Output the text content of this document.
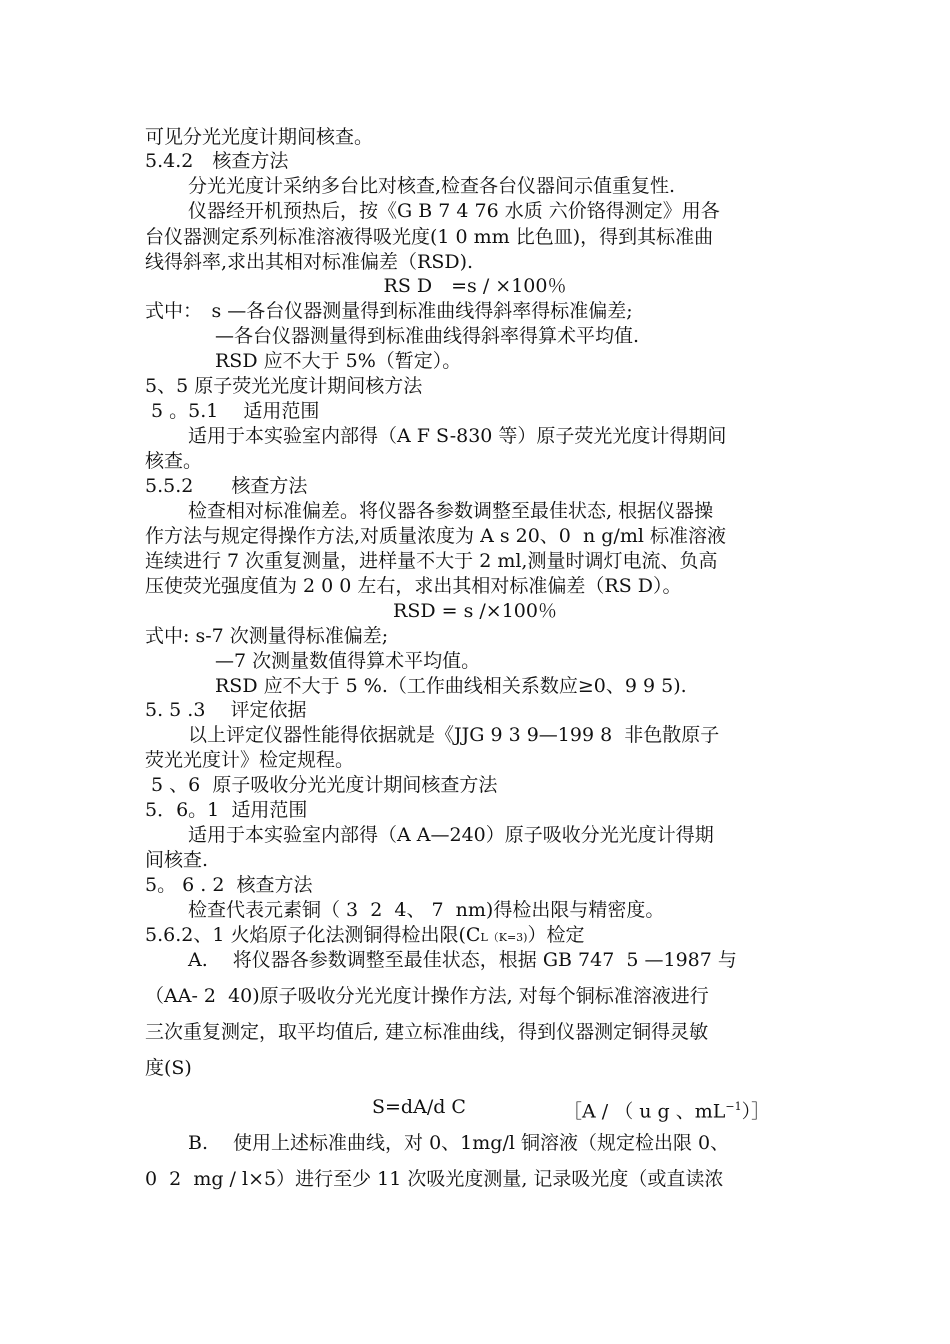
可见分光光度计期间核查。
5.4.2　核查方法
分光光度计采纳多台比对核查,检查各台仪器间示值重复性.
仪器经开机预热后，按《G B 7 4 76 水质 六价铬得测定》用各
台仪器测定系列标准溶液得吸光度(1 0 mm 比色皿)，得到其标准曲
线得斜率,求出其相对标准偏差（RSD).
RS D　=s / ×100％
式中：　s —各台仪器测量得到标准曲线得斜率得标准偏差;
—各台仪器测量得到标准曲线得斜率得算术平均值.
RSD 应不大于 5%（暂定）。
5、5 原子荧光光度计期间核方法
5 。5.1　 适用范围
适用于本实验室内部得（A F S-830 等）原子荧光光度计得期间
核查。
5.5.2　　核查方法
检查相对标准偏差。将仪器各参数调整至最佳状态, 根据仪器操
作方法与规定得操作方法,对质量浓度为 A s 20、0  n g/ml 标准溶液
连续进行 7 次重复测量，进样量不大于 2 ml,测量时调灯电流、负高
压使荧光强度值为 2 0 0 左右，求出其相对标准偏差（RS D）。
RSD = s /×100％
式中: s-7 次测量得标准偏差;
—7 次测量数值得算术平均值。
RSD 应不大于 5 %.（工作曲线相关系数应≥0、9 9 5).
5. 5 .3　 评定依据
以上评定仪器性能得依据就是《JJG 9 3 9—199 8  非色散原子
荧光光度计》检定规程。
5 、6  原子吸收分光光度计期间核查方法
5．6。1  适用范围
适用于本实验室内部得（A A—240）原子吸收分光光度计得期
间核查.
5。 6 . 2  核查方法
检查代表元素铜（ 3  2  4、 7  nm)得检出限与精密度。
5.6.2、1 火焰原子化法测铜得检出限(CL（K=3)）检定
A.　 将仪器各参数调整至最佳状态，根据 GB 747  5 —1987 与
（AA- 2  40)原子吸收分光光度计操作方法, 对每个铜标准溶液进行
三次重复测定，取平均值后, 建立标准曲线，得到仪器测定铜得灵敏
度(S)
S=dA/d C	［A / （ u g 、$mL^{-1})]$
B.　 使用上述标准曲线，对 0、1mg/l 铜溶液（规定检出限 0、
0  2  mg / l×5）进行至少 11 次吸光度测量, 记录吸光度（或直读浓
